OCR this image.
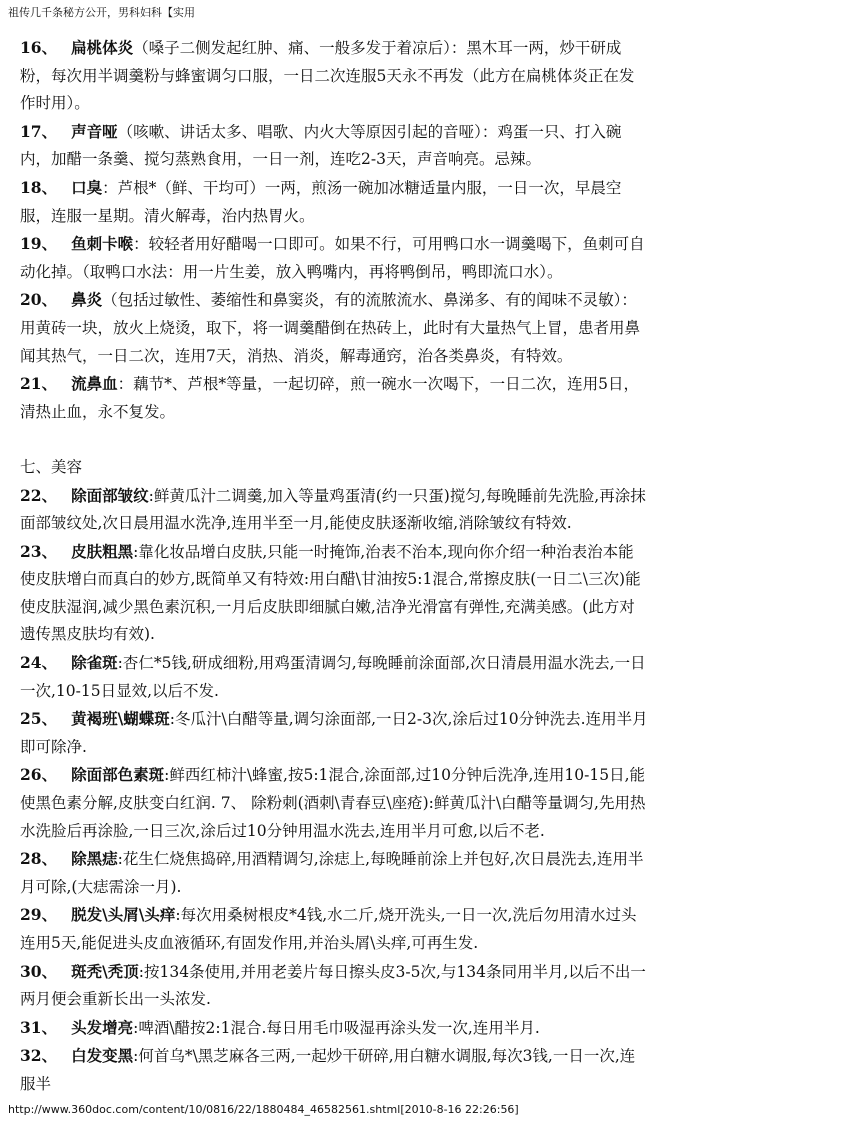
祖传几千条秘方公开，男科妇科【实用

16、 扁桃体炎（嗓子二侧发起红肿、痛、一般多发于着凉后）：黑木耳一两，炒干研成粉，每次用半调羹粉与蜂蜜调匀口服，一日二次连服5天永不再发（此方在扁桃体炎正在发作时用）。

17、 声音哑（咳嗽、讲话太多、唱歌、内火大等原因引起的音哑）：鸡蛋一只、打入碗内，加醋一条羹、搅匀蒸熟食用，一日一剂，连吃2-3天，声音响亮。忌辣。

18、 口臭：芦根*（鲜、干均可）一两，煎汤一碗加冰糖适量内服，一日一次，早晨空服，连服一星期。清火解毒，治内热胃火。

19、 鱼刺卡喉：较轻者用好醋喝一口即可。如果不行，可用鸭口水一调羹喝下，鱼刺可自动化掉。（取鸭口水法：用一片生姜，放入鸭嘴内，再将鸭倒吊，鸭即流口水）。

20、 鼻炎（包括过敏性、萎缩性和鼻窦炎，有的流脓流水、鼻涕多、有的闻味不灵敏）：用黄砖一块，放火上烧烫，取下，将一调羹醋倒在热砖上，此时有大量热气上冒，患者用鼻闻其热气，一日二次，连用7天，消热、消炎，解毒通窍，治各类鼻炎，有特效。

21、 流鼻血：藕节*、芦根*等量，一起切碎，煎一碗水一次喝下，一日二次，连用5日，清热止血，永不复发。

七、美容

22、 除面部皱纹:鲜黄瓜汁二调羹,加入等量鸡蛋清(约一只蛋)搅匀,每晚睡前先洗脸,再涂抹面部皱纹处,次日晨用温水洗净,连用半至一月,能使皮肤逐渐收缩,消除皱纹有特效.

23、 皮肤粗黑:靠化妆品增白皮肤,只能一时掩饰,治表不治本,现向你介绍一种治表治本能使皮肤增白而真白的妙方,既简单又有特效:用白醋\甘油按5:1混合,常擦皮肤(一日二\三次)能使皮肤湿润,减少黑色素沉积,一月后皮肤即细腻白嫩,洁净光滑富有弹性,充满美感。(此方对遗传黑皮肤均有效).

24、 除雀斑:杏仁*5钱,研成细粉,用鸡蛋清调匀,每晚睡前涂面部,次日清晨用温水洗去,一日一次,10-15日显效,以后不发.

25、 黄褐班\蝴蝶斑:冬瓜汁\白醋等量,调匀涂面部,一日2-3次,涂后过10分钟洗去.连用半月即可除净.

26、 除面部色素斑:鲜西红柿汁\蜂蜜,按5:1混合,涂面部,过10分钟后洗净,连用10-15日,能使黑色素分解,皮肤变白红润. 7、 除粉刺(酒刺\青春豆\座疮):鲜黄瓜汁\白醋等量调匀,先用热水洗脸后再涂脸,一日三次,涂后过10分钟用温水洗去,连用半月可愈,以后不老.

28、 除黑痣:花生仁烧焦捣碎,用酒精调匀,涂痣上,每晚睡前涂上并包好,次日晨洗去,连用半月可除,(大痣需涂一月).

29、 脱发\头屑\头痒:每次用桑树根皮*4钱,水二斤,烧开洗头,一日一次,洗后勿用清水过头连用5天,能促进头皮血液循环,有固发作用,并治头屑\头痒,可再生发.

30、 斑秃\秃顶:按134条使用,并用老姜片每日擦头皮3-5次,与134条同用半月,以后不出一两月便会重新长出一头浓发.

31、 头发增亮:啤酒\醋按2:1混合.每日用毛巾吸湿再涂头发一次,连用半月.

32、 白发变黑:何首乌*\黑芝麻各三两,一起炒干研碎,用白糖水调服,每次3钱,一日一次,连服半

http://www.360doc.com/content/10/0816/22/1880484_46582561.shtml[2010-8-16 22:26:56]
